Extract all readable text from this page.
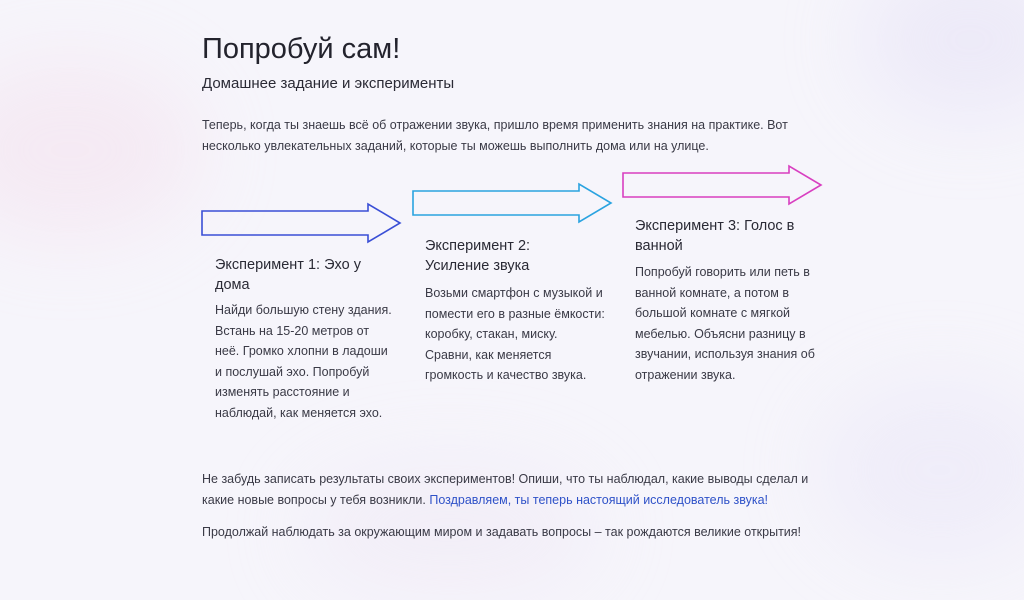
Попробуй сам!
Домашнее задание и эксперименты
Теперь, когда ты знаешь всё об отражении звука, пришло время применить знания на практике. Вот несколько увлекательных заданий, которые ты можешь выполнить дома или на улице.
Эксперимент 1: Эхо у дома
Найди большую стену здания. Встань на 15-20 метров от неё. Громко хлопни в ладоши и послушай эхо. Попробуй изменять расстояние и наблюдай, как меняется эхо.
Эксперимент 2: Усиление звука
Возьми смартфон с музыкой и помести его в разные ёмкости: коробку, стакан, миску. Сравни, как меняется громкость и качество звука.
Эксперимент 3: Голос в ванной
Попробуй говорить или петь в ванной комнате, а потом в большой комнате с мягкой мебелью. Объясни разницу в звучании, используя знания об отражении звука.
Не забудь записать результаты своих экспериментов! Опиши, что ты наблюдал, какие выводы сделал и какие новые вопросы у тебя возникли. Поздравляем, ты теперь настоящий исследователь звука!
Продолжай наблюдать за окружающим миром и задавать вопросы – так рождаются великие открытия!
